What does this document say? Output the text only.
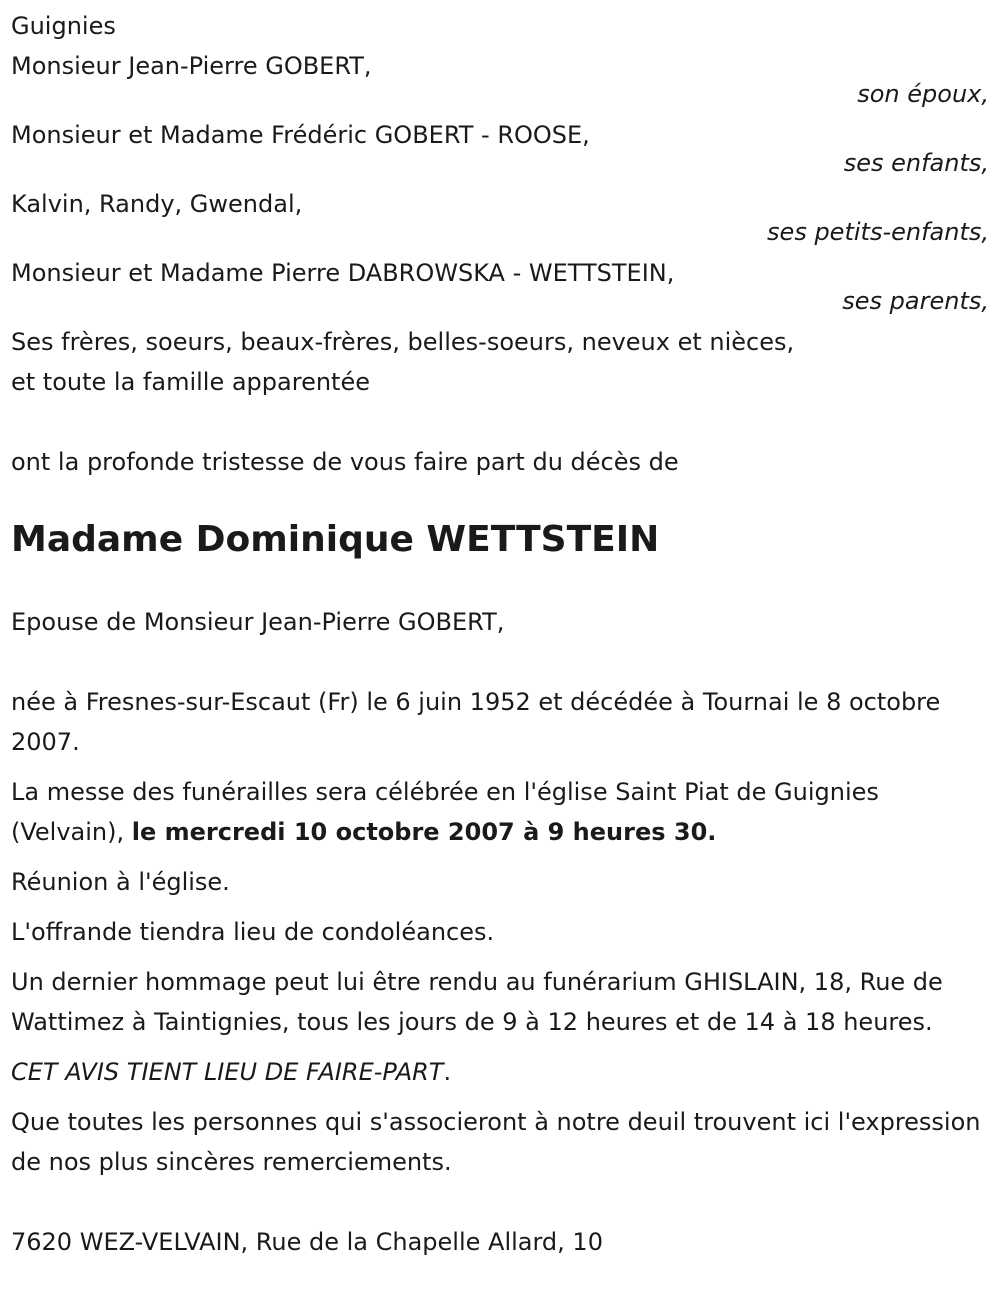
Guignies
Monsieur Jean-Pierre GOBERT,
son époux,
Monsieur et Madame Frédéric GOBERT - ROOSE,
ses enfants,
Kalvin, Randy, Gwendal,
ses petits-enfants,
Monsieur et Madame Pierre DABROWSKA - WETTSTEIN,
ses parents,
Ses frères, soeurs, beaux-frères, belles-soeurs, neveux et nièces,
et toute la famille apparentée
ont la profonde tristesse de vous faire part du décès de
Madame Dominique WETTSTEIN
Epouse de Monsieur Jean-Pierre GOBERT,
née à Fresnes-sur-Escaut (Fr) le 6 juin 1952 et décédée à Tournai le 8 octobre 2007.
La messe des funérailles sera célébrée en l'église Saint Piat de Guignies (Velvain), le mercredi 10 octobre 2007 à 9 heures 30.
Réunion à l'église.
L'offrande tiendra lieu de condoléances.
Un dernier hommage peut lui être rendu au funérarium GHISLAIN, 18, Rue de Wattimez à Taintignies, tous les jours de 9 à 12 heures et de 14 à 18 heures.
CET AVIS TIENT LIEU DE FAIRE-PART.
Que toutes les personnes qui s'associeront à notre deuil trouvent ici l'expression de nos plus sincères remerciements.
7620 WEZ-VELVAIN, Rue de la Chapelle Allard, 10
